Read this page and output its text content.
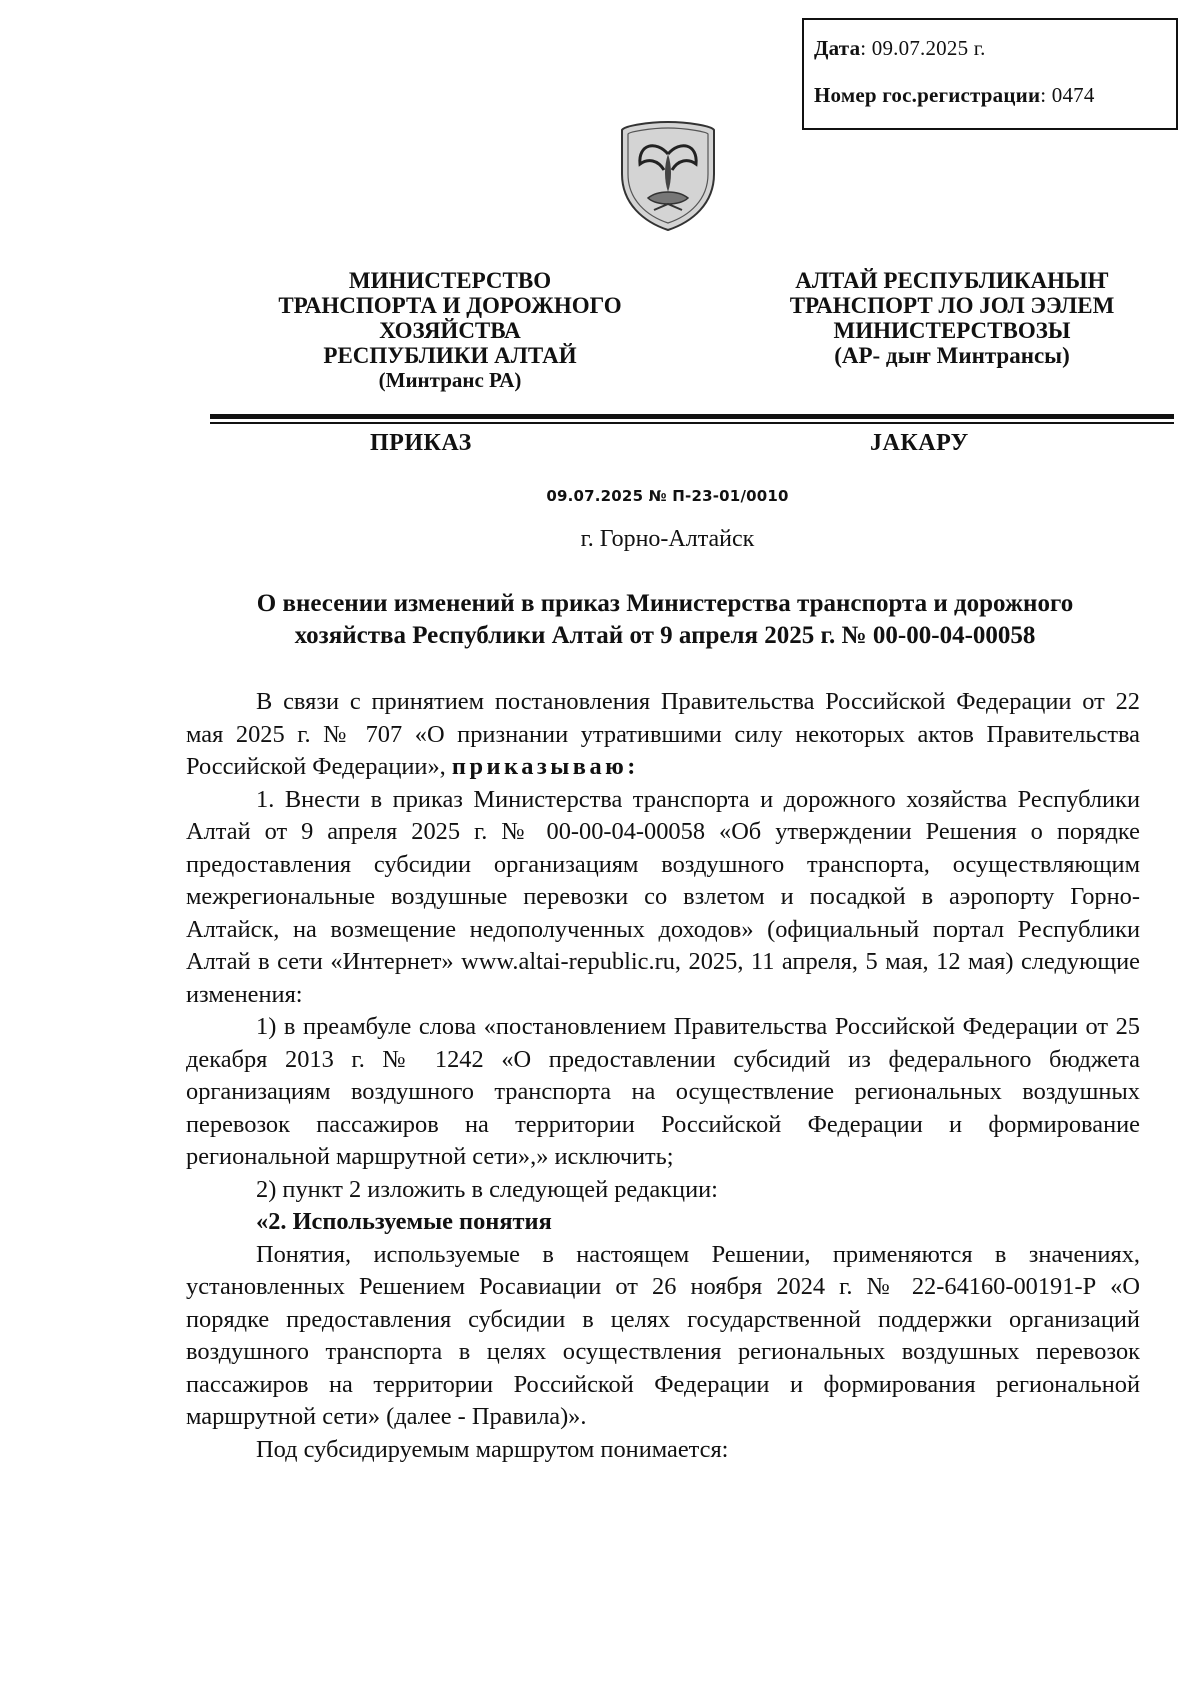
Дата: 09.07.2025 г.
Номер гос.регистрации: 0474
МИНИСТЕРСТВО
ТРАНСПОРТА И ДОРОЖНОГО
ХОЗЯЙСТВА
РЕСПУБЛИКИ АЛТАЙ
(Минтранс РА)
АЛТАЙ РЕСПУБЛИКАНЫҤ
ТРАНСПОРТ ЛО ЈОЛ ЭЭЛЕМ
МИНИСТЕРСТВОЗЫ
(АР- дыҥ Минтрансы)
ПРИКАЗ	ЈАКАРУ
09.07.2025 № П-23-01/0010
г. Горно-Алтайск
О внесении изменений в приказ Министерства транспорта и дорожного
хозяйства Республики Алтай от 9 апреля 2025 г. № 00-00-04-00058

В связи с принятием постановления Правительства Российской Федерации от 22 мая 2025 г. № 707 «О признании утратившими силу некоторых актов Правительства Российской Федерации», приказываю:

1. Внести в приказ Министерства транспорта и дорожного хозяйства Республики Алтай от 9 апреля 2025 г. № 00-00-04-00058 «Об утверждении Решения о порядке предоставления субсидии организациям воздушного транспорта, осуществляющим межрегиональные воздушные перевозки со взлетом и посадкой в аэропорту Горно-Алтайск, на возмещение недополученных доходов» (официальный портал Республики Алтай в сети «Интернет» www.altai-republic.ru, 2025, 11 апреля, 5 мая, 12 мая) следующие изменения:

1) в преамбуле слова «постановлением Правительства Российской Федерации от 25 декабря 2013 г. № 1242 «О предоставлении субсидий из федерального бюджета организациям воздушного транспорта на осуществление региональных воздушных перевозок пассажиров на территории Российской Федерации и формирование региональной маршрутной сети»,» исключить;

2) пункт 2 изложить в следующей редакции:

«2. Используемые понятия

Понятия, используемые в настоящем Решении, применяются в значениях, установленных Решением Росавиации от 26 ноября 2024 г. № 22-64160-00191-Р «О порядке предоставления субсидии в целях государственной поддержки организаций воздушного транспорта в целях осуществления региональных воздушных перевозок пассажиров на территории Российской Федерации и формирования региональной маршрутной сети» (далее - Правила)».

Под субсидируемым маршрутом понимается:
